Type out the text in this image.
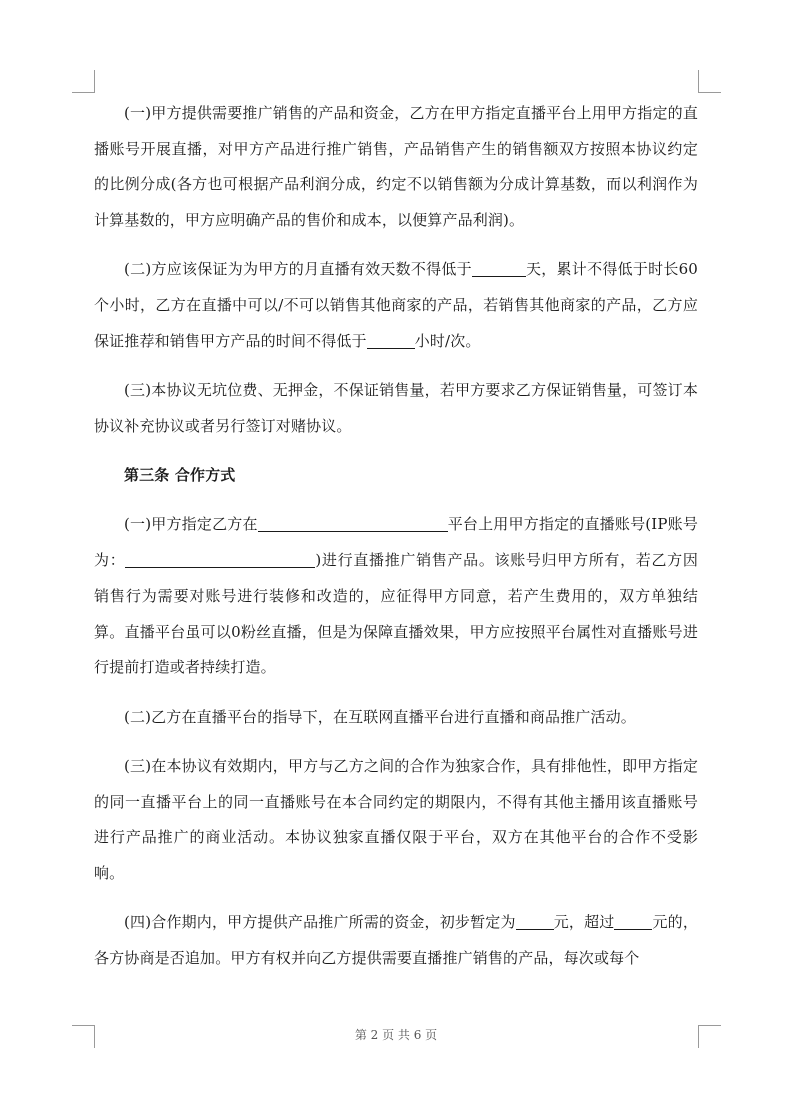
(一)甲方提供需要推广销售的产品和资金，乙方在甲方指定直播平台上用甲方指定的直播账号开展直播，对甲方产品进行推广销售，产品销售产生的销售额双方按照本协议约定的比例分成(各方也可根据产品利润分成，约定不以销售额为分成计算基数，而以利润作为计算基数的，甲方应明确产品的售价和成本，以便算产品利润)。

(二)方应该保证为为甲方的月直播有效天数不得低于	天，累计不得低于时长60个小时，乙方在直播中可以/不可以销售其他商家的产品，若销售其他商家的产品，乙方应保证推荐和销售甲方产品的时间不得低于	小时/次。

(三)本协议无坑位费、无押金，不保证销售量，若甲方要求乙方保证销售量，可签订本协议补充协议或者另行签订对赌协议。

第三条 合作方式

(一)甲方指定乙方在	平台上用甲方指定的直播账号(IP账号为：	)进行直播推广销售产品。该账号归甲方所有，若乙方因销售行为需要对账号进行装修和改造的，应征得甲方同意，若产生费用的，双方单独结算。直播平台虽可以0粉丝直播，但是为保障直播效果，甲方应按照平台属性对直播账号进行提前打造或者持续打造。

(二)乙方在直播平台的指导下，在互联网直播平台进行直播和商品推广活动。

(三)在本协议有效期内，甲方与乙方之间的合作为独家合作，具有排他性，即甲方指定的同一直播平台上的同一直播账号在本合同约定的期限内，不得有其他主播用该直播账号进行产品推广的商业活动。本协议独家直播仅限于平台，双方在其他平台的合作不受影响。

(四)合作期内，甲方提供产品推广所需的资金，初步暂定为	元，超过	元的，各方协商是否追加。甲方有权并向乙方提供需要直播推广销售的产品，每次或每个

第 2 页 共 6 页
